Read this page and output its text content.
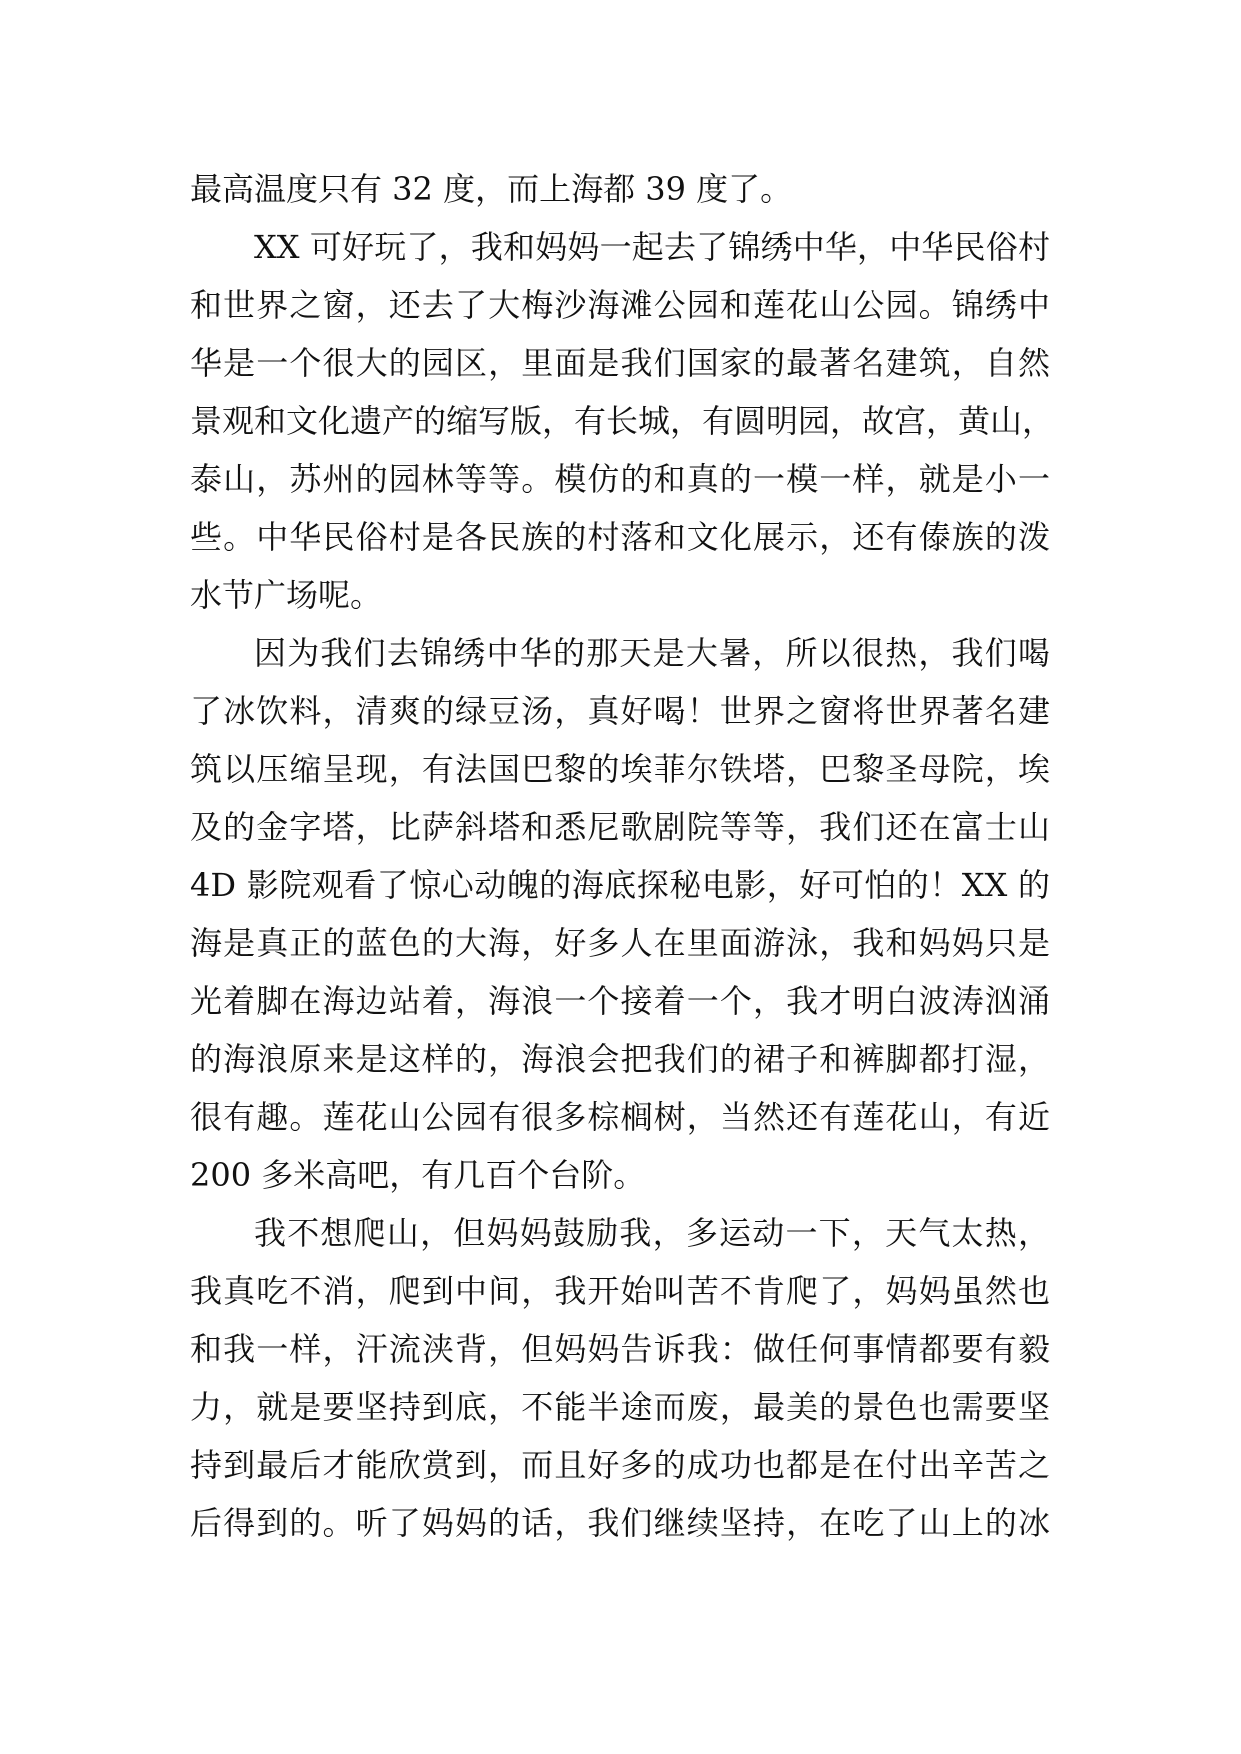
最高温度只有 32 度，而上海都 39 度了。
XX 可好玩了，我和妈妈一起去了锦绣中华，中华民俗村
和世界之窗，还去了大梅沙海滩公园和莲花山公园。锦绣中
华是一个很大的园区，里面是我们国家的最著名建筑，自然
景观和文化遗产的缩写版，有长城，有圆明园，故宫，黄山，
泰山，苏州的园林等等。模仿的和真的一模一样，就是小一
些。中华民俗村是各民族的村落和文化展示，还有傣族的泼
水节广场呢。
因为我们去锦绣中华的那天是大暑，所以很热，我们喝
了冰饮料，清爽的绿豆汤，真好喝！世界之窗将世界著名建
筑以压缩呈现，有法国巴黎的埃菲尔铁塔，巴黎圣母院，埃
及的金字塔，比萨斜塔和悉尼歌剧院等等，我们还在富士山
4D 影院观看了惊心动魄的海底探秘电影，好可怕的！XX 的
海是真正的蓝色的大海，好多人在里面游泳，我和妈妈只是
光着脚在海边站着，海浪一个接着一个，我才明白波涛汹涌
的海浪原来是这样的，海浪会把我们的裙子和裤脚都打湿，
很有趣。莲花山公园有很多棕榈树，当然还有莲花山，有近
200 多米高吧，有几百个台阶。
我不想爬山，但妈妈鼓励我，多运动一下，天气太热，
我真吃不消，爬到中间，我开始叫苦不肯爬了，妈妈虽然也
和我一样，汗流浃背，但妈妈告诉我：做任何事情都要有毅
力，就是要坚持到底，不能半途而废，最美的景色也需要坚
持到最后才能欣赏到，而且好多的成功也都是在付出辛苦之
后得到的。听了妈妈的话，我们继续坚持，在吃了山上的冰
